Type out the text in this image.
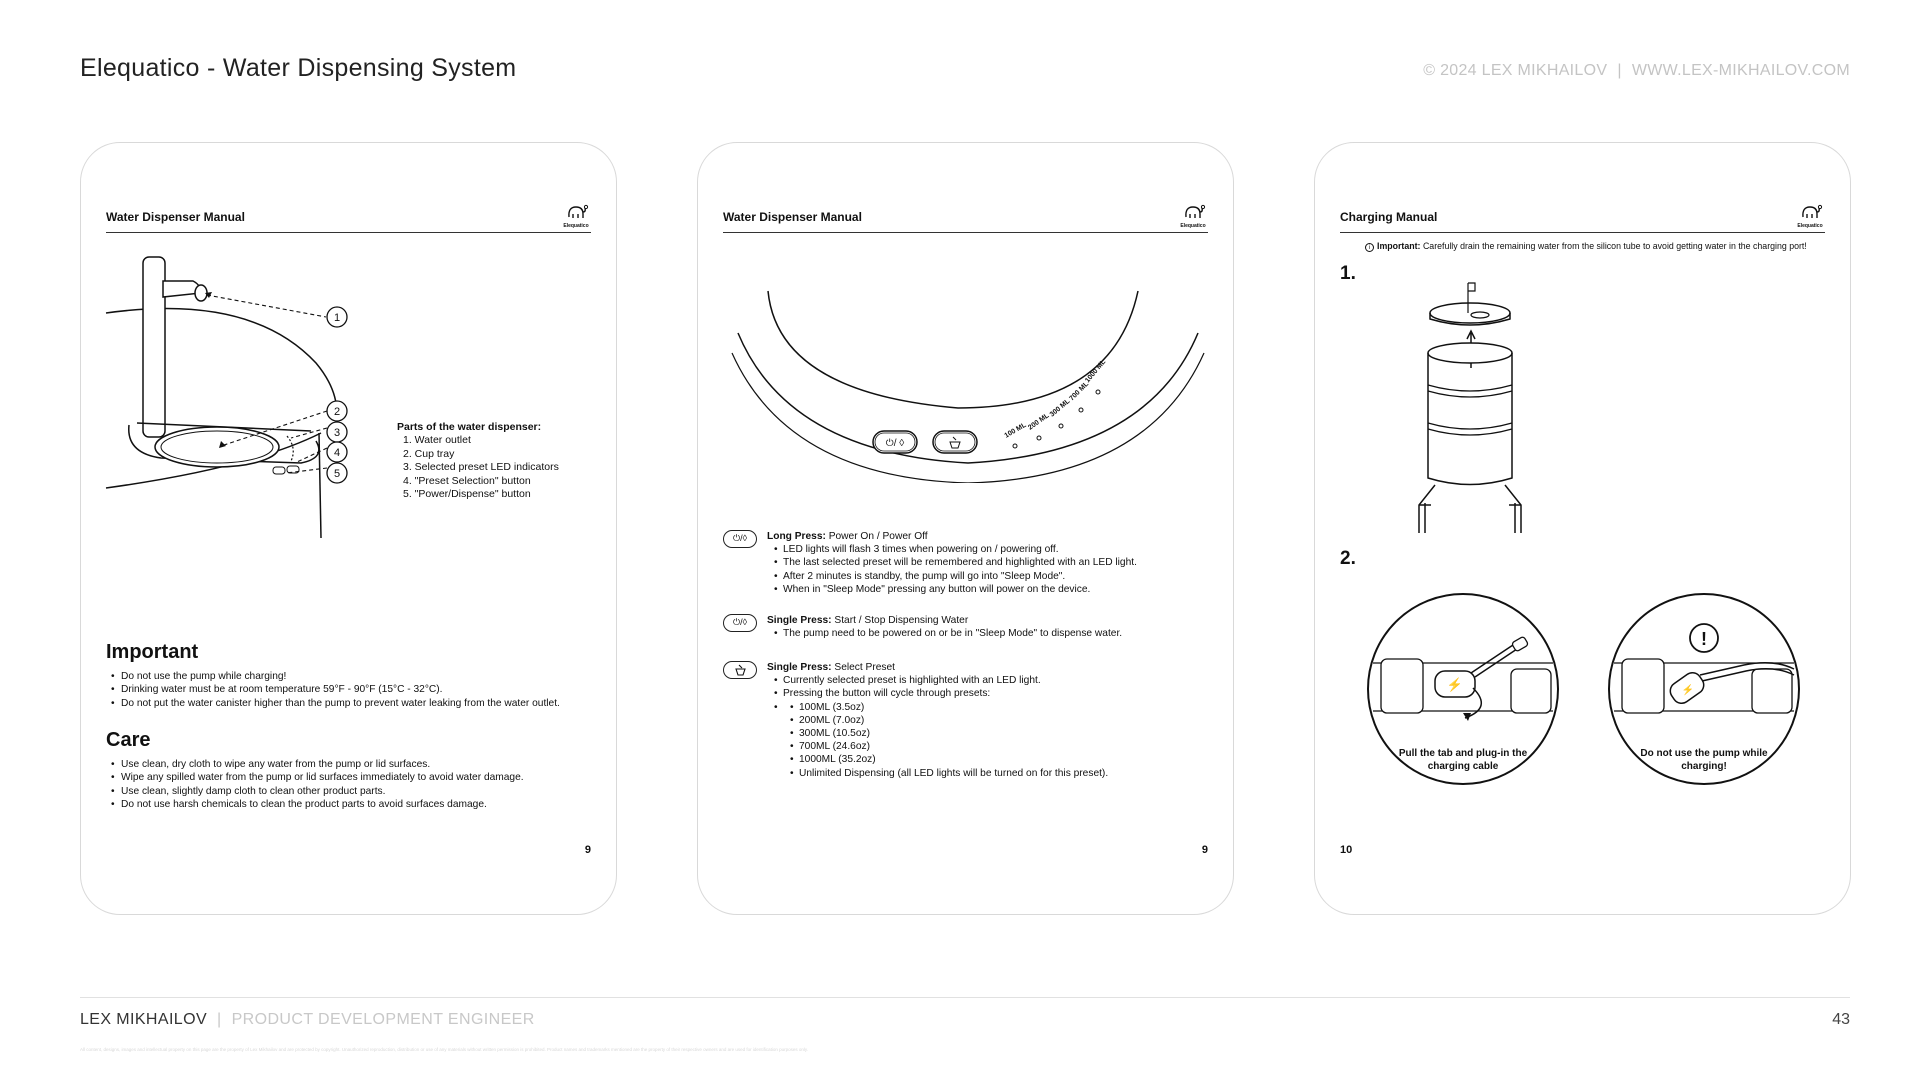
Elequatico - Water Dispensing System	© 2024 LEX MIKHAILOV | WWW.LEX-MIKHAILOV.COM
Water Dispenser Manual
Elequatico
1
2
3
4
5
Parts of the water dispenser:
1. Water outlet
2. Cup tray
3. Selected preset LED indicators
4. "Preset Selection" button
5. "Power/Dispense" button
Important
• Do not use the pump while charging!
• Drinking water must be at room temperature 59°F - 90°F (15°C - 32°C).
• Do not put the water canister higher than the pump to prevent water leaking from the water outlet.
Care
• Use clean, dry cloth to wipe any water from the pump or lid surfaces.
• Wipe any spilled water from the pump or lid surfaces immediately to avoid water damage.
• Use clean, slightly damp cloth to clean other product parts.
• Do not use harsh chemicals to clean the product parts to avoid surfaces damage.
9
Water Dispenser Manual
Elequatico
⏻/ ◊
100 ML 200 ML
300 ML
700 ML
1000 ML
⏻/◊	Long Press: Power On / Power Off
• LED lights will flash 3 times when powering on / powering off.
• The last selected preset will be remembered and highlighted with an LED light.
• After 2 minutes is standby, the pump will go into "Sleep Mode".
• When in "Sleep Mode" pressing any button will power on the device.
⏻/◊	Single Press: Start / Stop Dispensing Water
• The pump need to be powered on or be in "Sleep Mode" to dispense water.
Single Press: Select Preset
• Currently selected preset is highlighted with an LED light.
• Pressing the button will cycle through presets:
• • 100ML (3.5oz)
• 200ML (7.0oz)
• 300ML (10.5oz)
• 700ML (24.6oz)
• 1000ML (35.2oz)
• Unlimited Dispensing (all LED lights will be turned on for this preset).
9
Charging Manual
Elequatico
i Important: Carefully drain the remaining water from the silicon tube to avoid getting water in the charging port!
1.
2.
⚡
Pull the tab and plug-in the charging cable
!
⚡
Do not use the pump while charging!
10
LEX MIKHAILOV | PRODUCT DEVELOPMENT ENGINEER	43
All content, designs, images and intellectual property on this page are the property of Lex Mikhailov and are protected by copyright. Unauthorized reproduction, distribution or use of any materials without written permission is prohibited. Product names and trademarks mentioned are the property of their respective owners and are used for identification purposes only.
